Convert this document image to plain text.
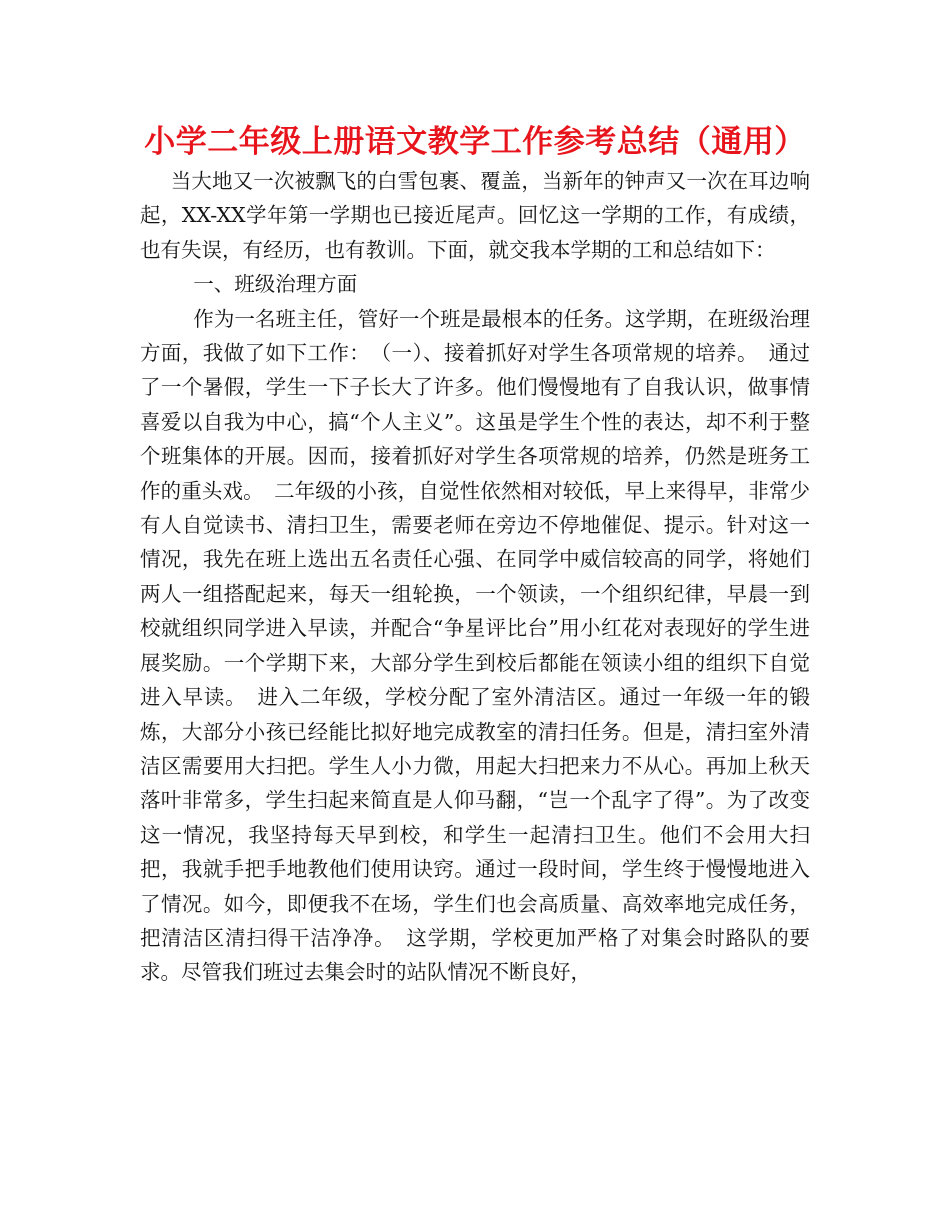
小学二年级上册语文教学工作参考总结（通用）

当大地又一次被飘飞的白雪包裹、覆盖，当新年的钟声又一次在耳边响起，XX-XX学年第一学期也已接近尾声。回忆这一学期的工作，有成绩，也有失误，有经历，也有教训。下面，就交我本学期的工和总结如下：

一、班级治理方面

作为一名班主任，管好一个班是最根本的任务。这学期，在班级治理方面，我做了如下工作：　（一）、接着抓好对学生各项常规的培养。　通过了一个暑假，学生一下子长大了许多。他们慢慢地有了自我认识，做事情喜爱以自我为中心，搞“个人主义”。这虽是学生个性的表达，却不利于整个班集体的开展。因而，接着抓好对学生各项常规的培养，仍然是班务工作的重头戏。　二年级的小孩，自觉性依然相对较低，早上来得早，非常少有人自觉读书、清扫卫生，需要老师在旁边不停地催促、提示。针对这一情况，我先在班上选出五名责任心强、在同学中威信较高的同学，将她们两人一组搭配起来，每天一组轮换，一个领读，一个组织纪律，早晨一到校就组织同学进入早读，并配合“争星评比台”用小红花对表现好的学生进展奖励。一个学期下来，大部分学生到校后都能在领读小组的组织下自觉进入早读。　进入二年级，学校分配了室外清洁区。通过一年级一年的锻炼，大部分小孩已经能比拟好地完成教室的清扫任务。但是，清扫室外清洁区需要用大扫把。学生人小力微，用起大扫把来力不从心。再加上秋天落叶非常多，学生扫起来简直是人仰马翻，“岂一个乱字了得”。为了改变这一情况，我坚持每天早到校，和学生一起清扫卫生。他们不会用大扫把，我就手把手地教他们使用诀窍。通过一段时间，学生终于慢慢地进入了情况。如今，即便我不在场，学生们也会高质量、高效率地完成任务，把清洁区清扫得干洁净净。　这学期，学校更加严格了对集会时路队的要求。尽管我们班过去集会时的站队情况不断良好，
